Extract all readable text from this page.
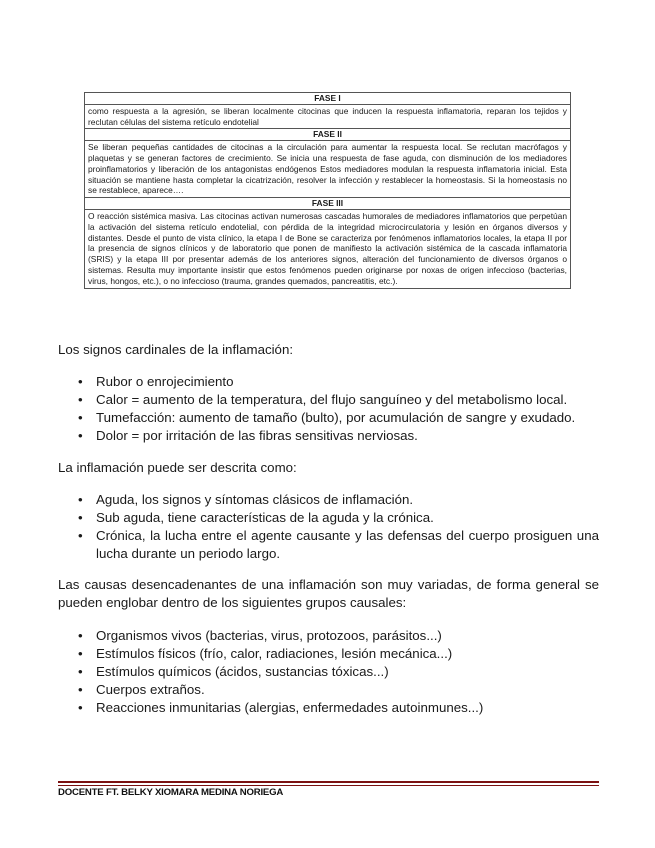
FASE I
como respuesta a la agresión, se liberan localmente citocinas que inducen la respuesta inflamatoria, reparan los tejidos y reclutan células del sistema retículo endotelial
FASE II
Se liberan pequeñas cantidades de citocinas a la circulación para aumentar la respuesta local. Se reclutan macrófagos y plaquetas y se generan factores de crecimiento. Se inicia una respuesta de fase aguda, con disminución de los mediadores proinflamatorios y liberación de los antagonistas endógenos Estos mediadores modulan la respuesta inflamatoria inicial. Esta situación se mantiene hasta completar la cicatrización, resolver la infección y restablecer la homeostasis. Si la homeostasis no se restablece, aparece….
FASE III
O reacción sistémica masiva. Las citocinas activan numerosas cascadas humorales de mediadores inflamatorios que perpetúan la activación del sistema retículo endotelial, con pérdida de la integridad microcirculatoria y lesión en órganos diversos y distantes. Desde el punto de vista clínico, la etapa I de Bone se caracteriza por fenómenos inflamatorios locales, la etapa II por la presencia de signos clínicos y de laboratorio que ponen de manifiesto la activación sistémica de la cascada inflamatoria (SRIS) y la etapa III por presentar además de los anteriores signos, alteración del funcionamiento de diversos órganos o sistemas. Resulta muy importante insistir que estos fenómenos pueden originarse por noxas de origen infeccioso (bacterias, virus, hongos, etc.), o no infeccioso (trauma, grandes quemados, pancreatitis, etc.).

Los signos cardinales de la inflamación:

• Rubor o enrojecimiento
• Calor = aumento de la temperatura, del flujo sanguíneo y del metabolismo local.
• Tumefacción: aumento de tamaño (bulto), por acumulación de sangre y exudado.
• Dolor = por irritación de las fibras sensitivas nerviosas.

La inflamación puede ser descrita como:

• Aguda, los signos y síntomas clásicos de inflamación.
• Sub aguda, tiene características de la aguda y la crónica.
• Crónica, la lucha entre el agente causante y las defensas del cuerpo prosiguen una lucha durante un periodo largo.

Las causas desencadenantes de una inflamación son muy variadas, de forma general se pueden englobar dentro de los siguientes grupos causales:

• Organismos vivos (bacterias, virus, protozoos, parásitos...)
• Estímulos físicos (frío, calor, radiaciones, lesión mecánica...)
• Estímulos químicos (ácidos, sustancias tóxicas...)
• Cuerpos extraños.
• Reacciones inmunitarias (alergias, enfermedades autoinmunes...)

DOCENTE FT. BELKY XIOMARA MEDINA NORIEGA
